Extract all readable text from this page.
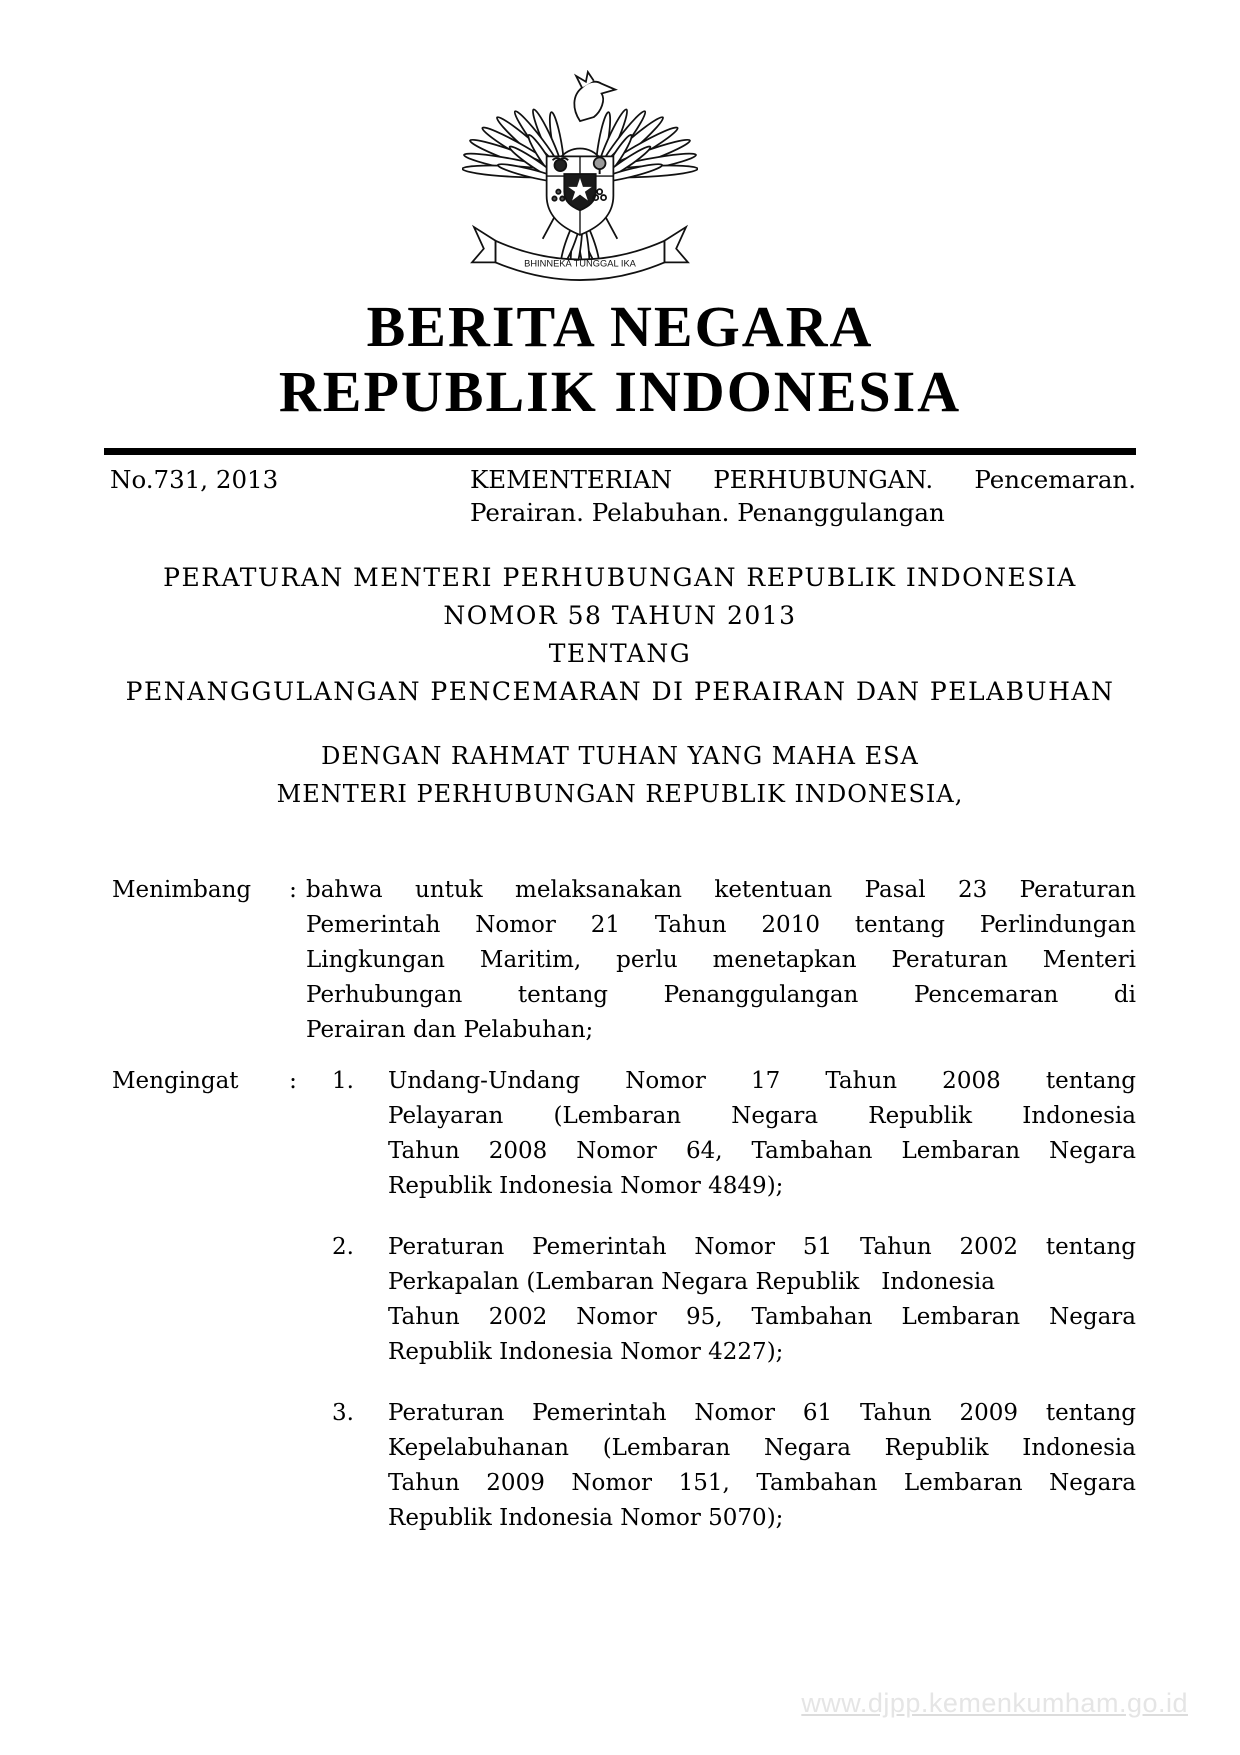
BHINNEKA TUNGGAL IKA
BERITA NEGARA
REPUBLIK INDONESIA
No.731, 2013	KEMENTERIAN PERHUBUNGAN. Pencemaran.
Perairan. Pelabuhan. Penanggulangan
PERATURAN MENTERI PERHUBUNGAN REPUBLIK INDONESIA
NOMOR 58 TAHUN 2013
TENTANG
PENANGGULANGAN PENCEMARAN DI PERAIRAN DAN PELABUHAN
DENGAN RAHMAT TUHAN YANG MAHA ESA
MENTERI PERHUBUNGAN REPUBLIK INDONESIA,
Menimbang	: bahwa untuk melaksanakan ketentuan Pasal 23 Peraturan
Pemerintah Nomor 21 Tahun 2010 tentang Perlindungan
Lingkungan Maritim, perlu menetapkan Peraturan Menteri
Perhubungan tentang Penanggulangan Pencemaran di
Perairan dan Pelabuhan;
Mengingat	:	1.	Undang-Undang Nomor 17 Tahun 2008 tentang
Pelayaran (Lembaran Negara Republik Indonesia
Tahun 2008 Nomor 64, Tambahan Lembaran Negara
Republik Indonesia Nomor 4849);
2.	Peraturan Pemerintah Nomor 51 Tahun 2002 tentang
Perkapalan (Lembaran Negara Republik   Indonesia
Tahun 2002 Nomor 95, Tambahan Lembaran Negara
Republik Indonesia Nomor 4227);
3.	Peraturan Pemerintah Nomor 61 Tahun 2009 tentang
Kepelabuhanan (Lembaran Negara Republik Indonesia
Tahun 2009 Nomor 151, Tambahan Lembaran Negara
Republik Indonesia Nomor 5070);
www.djpp.kemenkumham.go.id
